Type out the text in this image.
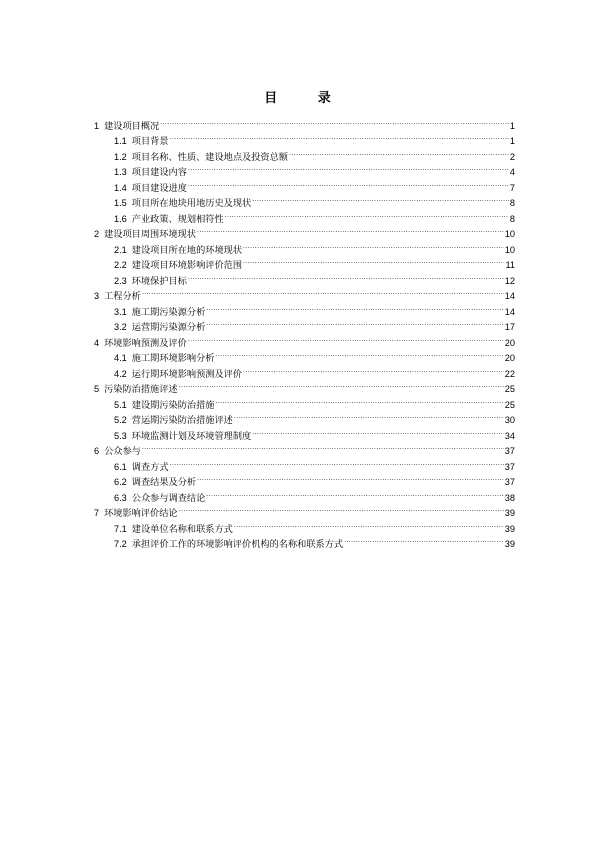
目 录
1 建设项目概况 .....	1
1.1 项目背景 .....	1
1.2 项目名称、性质、建设地点及投资总额 .....	2
1.3 项目建设内容 .....	4
1.4 项目建设进度 .....	7
1.5 项目所在地块用地历史及现状 .....	8
1.6 产业政策、规划相符性 .....	8
2 建设项目周围环境现状 .....	10
2.1 建设项目所在地的环境现状 .....	10
2.2 建设项目环境影响评价范围 .....	11
2.3 环境保护目标 .....	12
3 工程分析 .....	14
3.1 施工期污染源分析 .....	14
3.2 运营期污染源分析 .....	17
4 环境影响预测及评价 .....	20
4.1 施工期环境影响分析 .....	20
4.2 运行期环境影响预测及评价 .....	22
5 污染防治措施评述 .....	25
5.1 建设期污染防治措施 .....	25
5.2 营运期污染防治措施评述 .....	30
5.3 环境监测计划及环境管理制度 .....	34
6 公众参与 .....	37
6.1 调查方式 .....	37
6.2 调查结果及分析 .....	37
6.3 公众参与调查结论 .....	38
7 环境影响评价结论 .....	39
7.1 建设单位名称和联系方式 .....	39
7.2 承担评价工作的环境影响评价机构的名称和联系方式 .....	39
